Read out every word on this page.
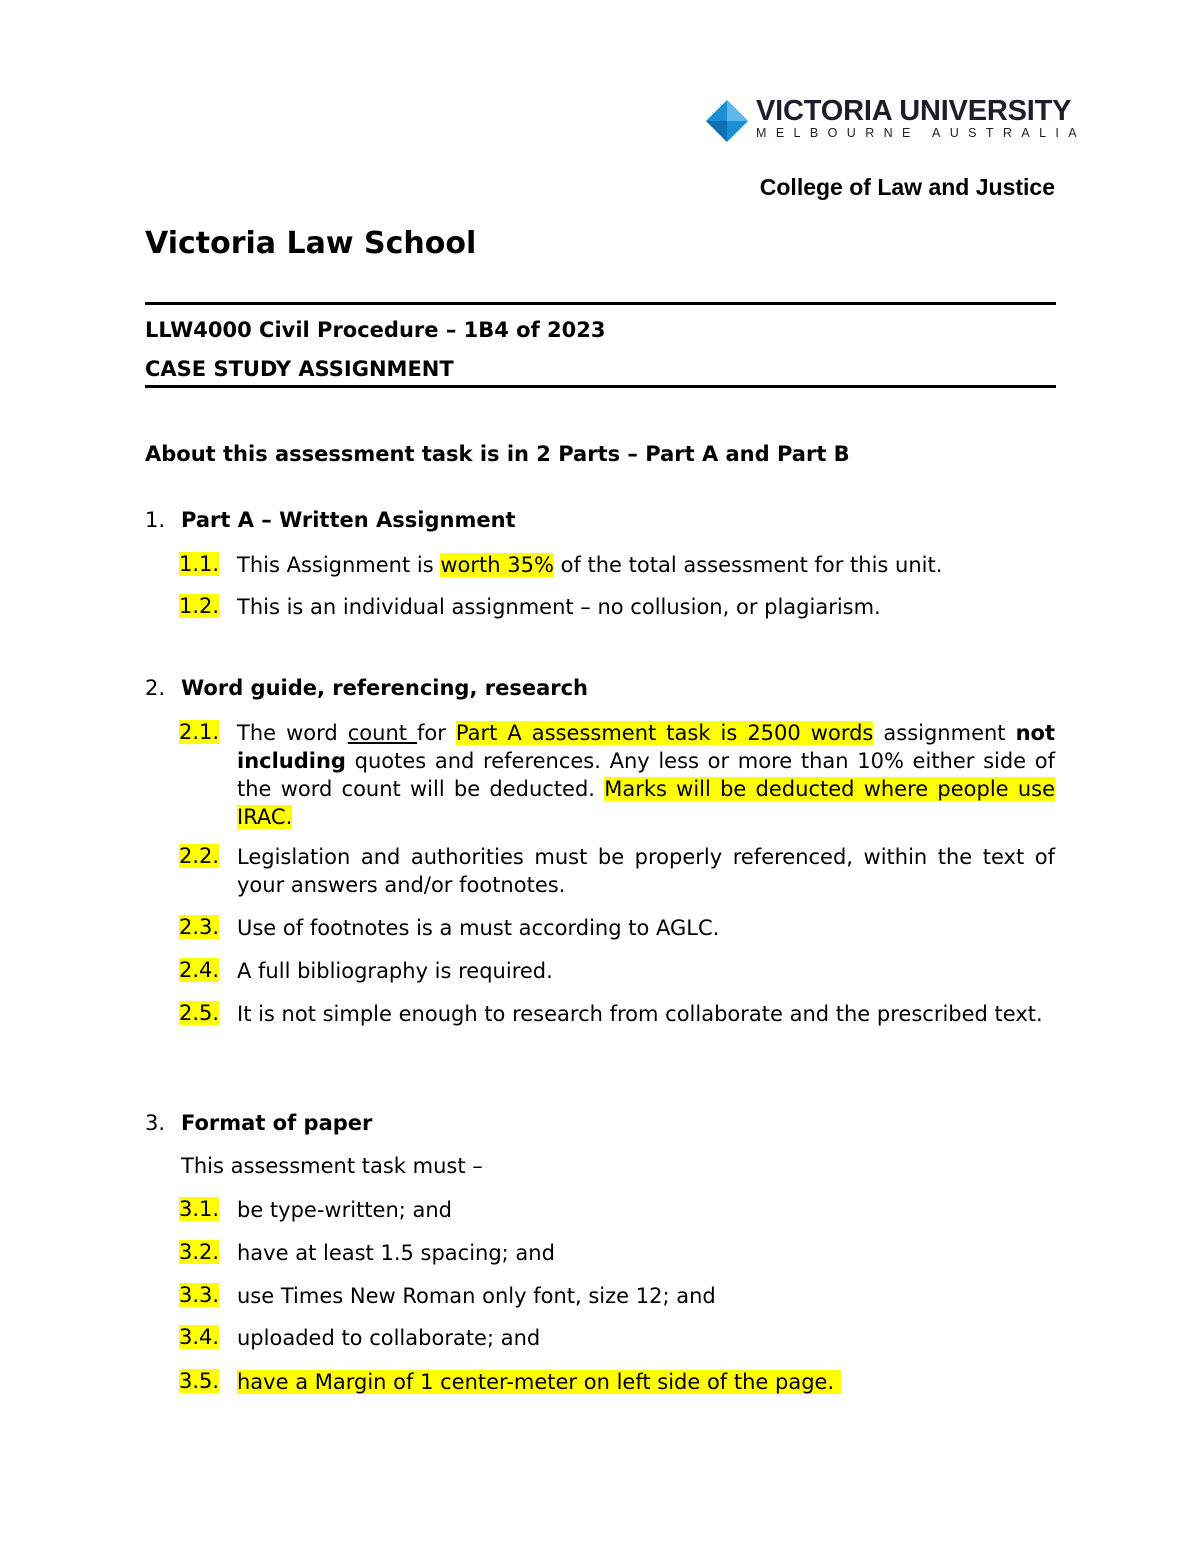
VICTORIA UNIVERSITY
MELBOURNE AUSTRALIA
College of Law and Justice
Victoria Law School
LLW4000 Civil Procedure – 1B4 of 2023
CASE STUDY ASSIGNMENT
About this assessment task is in 2 Parts – Part A and Part B
1. Part A – Written Assignment
1.1. This Assignment is worth 35% of the total assessment for this unit.
1.2. This is an individual assignment – no collusion, or plagiarism.
2. Word guide, referencing, research
2.1. The word count for Part A assessment task is 2500 words assignment not including quotes and references. Any less or more than 10% either side of the word count will be deducted. Marks will be deducted where people use IRAC.
2.2. Legislation and authorities must be properly referenced, within the text of your answers and/or footnotes.
2.3. Use of footnotes is a must according to AGLC.
2.4. A full bibliography is required.
2.5. It is not simple enough to research from collaborate and the prescribed text.
3. Format of paper
This assessment task must –
3.1. be type-written; and
3.2. have at least 1.5 spacing; and
3.3. use Times New Roman only font, size 12; and
3.4. uploaded to collaborate; and
3.5. have a Margin of 1 center-meter on left side of the page.
